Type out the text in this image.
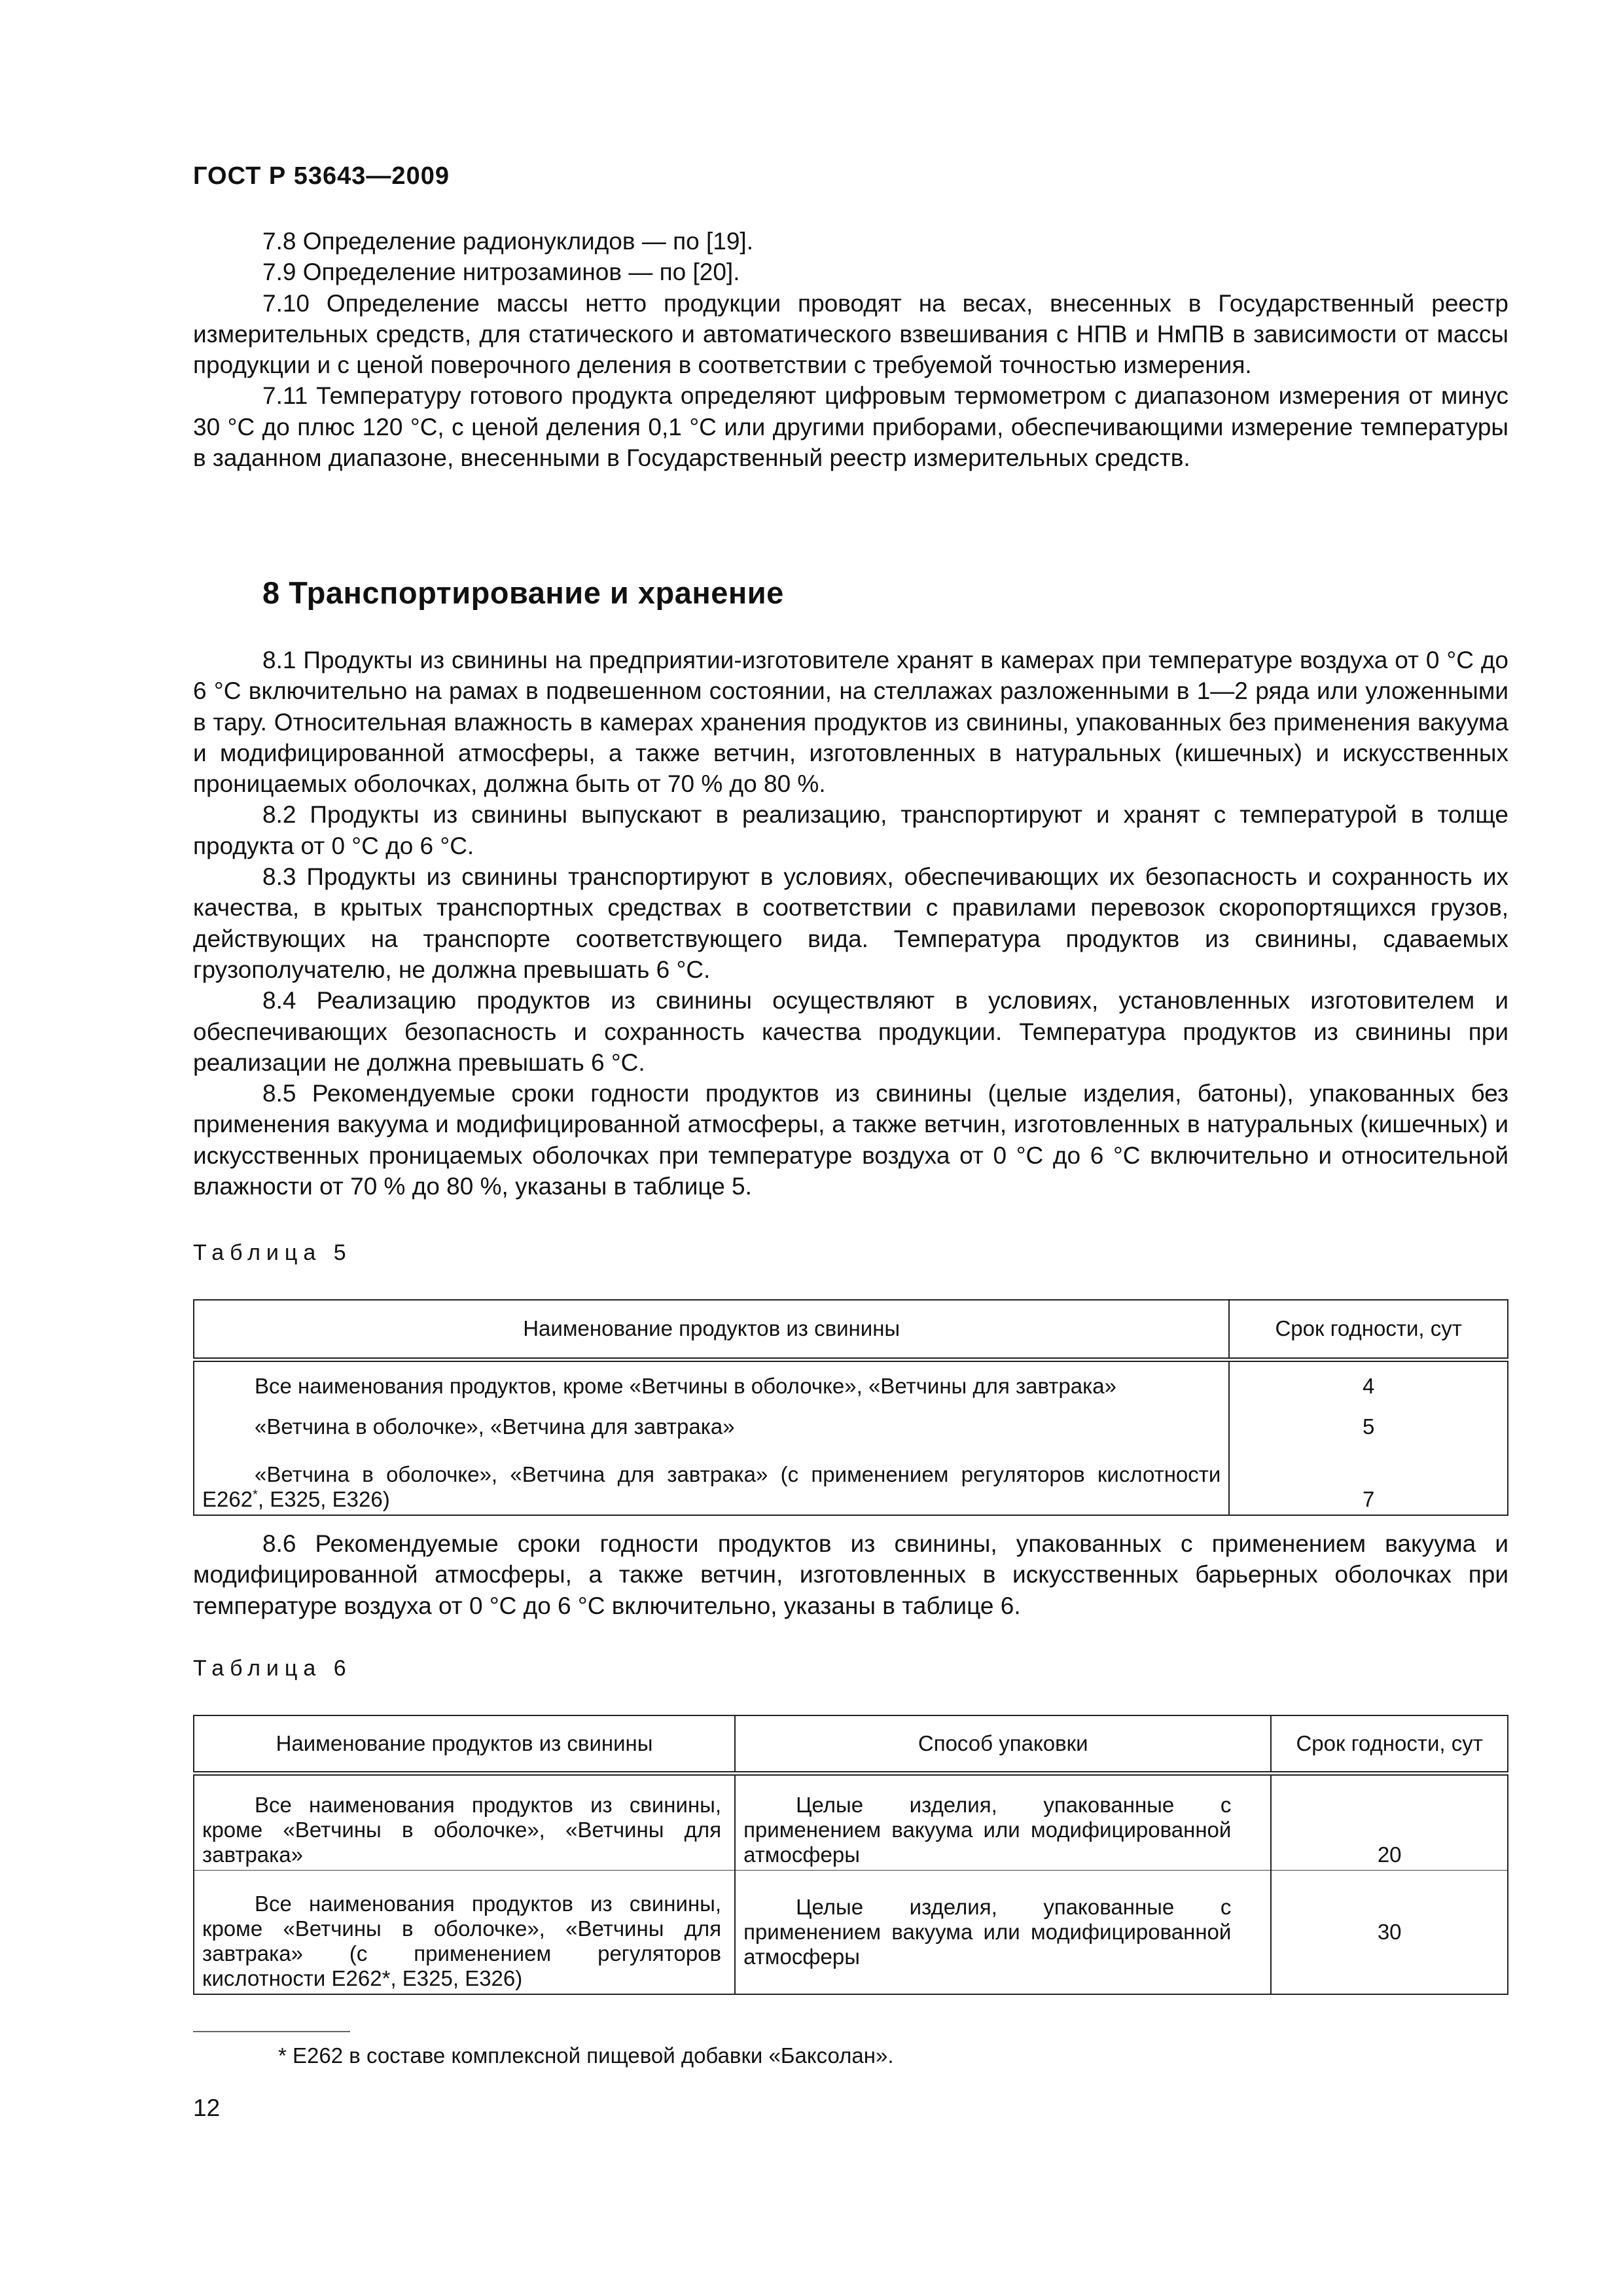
ГОСТ Р 53643—2009

7.8 Определение радионуклидов — по [19].

7.9 Определение нитрозаминов — по [20].

7.10 Определение массы нетто продукции проводят на весах, внесенных в Государственный реестр измерительных средств, для статического и автоматического взвешивания с НПВ и НмПВ в зависимости от массы продукции и с ценой поверочного деления в соответствии с требуемой точностью измерения.

7.11 Температуру готового продукта определяют цифровым термометром с диапазоном измерения от минус 30 °С до плюс 120 °С, с ценой деления 0,1 °С или другими приборами, обеспечивающими измерение температуры в заданном диапазоне, внесенными в Государственный реестр измерительных средств.

8 Транспортирование и хранение

8.1 Продукты из свинины на предприятии-изготовителе хранят в камерах при температуре воздуха от 0 °С до 6 °С включительно на рамах в подвешенном состоянии, на стеллажах разложенными в 1—2 ряда или уложенными в тару. Относительная влажность в камерах хранения продуктов из свинины, упакованных без применения вакуума и модифицированной атмосферы, а также ветчин, изготовленных в натуральных (кишечных) и искусственных проницаемых оболочках, должна быть от 70 % до 80 %.

8.2 Продукты из свинины выпускают в реализацию, транспортируют и хранят с температурой в толще продукта от 0 °С до 6 °С.

8.3 Продукты из свинины транспортируют в условиях, обеспечивающих их безопасность и сохранность их качества, в крытых транспортных средствах в соответствии с правилами перевозок скоропортящихся грузов, действующих на транспорте соответствующего вида. Температура продуктов из свинины, сдаваемых грузополучателю, не должна превышать 6 °С.

8.4 Реализацию продуктов из свинины осуществляют в условиях, установленных изготовителем и обеспечивающих безопасность и сохранность качества продукции. Температура продуктов из свинины при реализации не должна превышать 6 °С.

8.5 Рекомендуемые сроки годности продуктов из свинины (целые изделия, батоны), упакованных без применения вакуума и модифицированной атмосферы, а также ветчин, изготовленных в натуральных (кишечных) и искусственных проницаемых оболочках при температуре воздуха от 0 °С до 6 °С включительно и относительной влажности от 70 % до 80 %, указаны в таблице 5.

Таблица 5
Наименование продуктов из свинины	Срок годности, сут
Все наименования продуктов, кроме «Ветчины в оболочке», «Ветчины для завтрака»	4
«Ветчина в оболочке», «Ветчина для завтрака»	5
«Ветчина в оболочке», «Ветчина для завтрака» (с применением регуляторов кислотности Е262*, Е325, Е326)	7

8.6 Рекомендуемые сроки годности продуктов из свинины, упакованных с применением вакуума и модифицированной атмосферы, а также ветчин, изготовленных в искусственных барьерных оболочках при температуре воздуха от 0 °С до 6 °С включительно, указаны в таблице 6.

Таблица 6
Наименование продуктов из свинины	Способ упаковки	Срок годности, сут
Все наименования продуктов из свинины, кроме «Ветчины в оболочке», «Ветчины для завтрака»	Целые изделия, упакованные с применением вакуума или модифицированной атмосферы	20
Все наименования продуктов из свинины, кроме «Ветчины в оболочке», «Ветчины для завтрака» (с применением регуляторов кислотности Е262*, Е325, Е326)	Целые изделия, упакованные с применением вакуума или модифицированной атмосферы	30
* Е262 в составе комплексной пищевой добавки «Баксолан».
12
